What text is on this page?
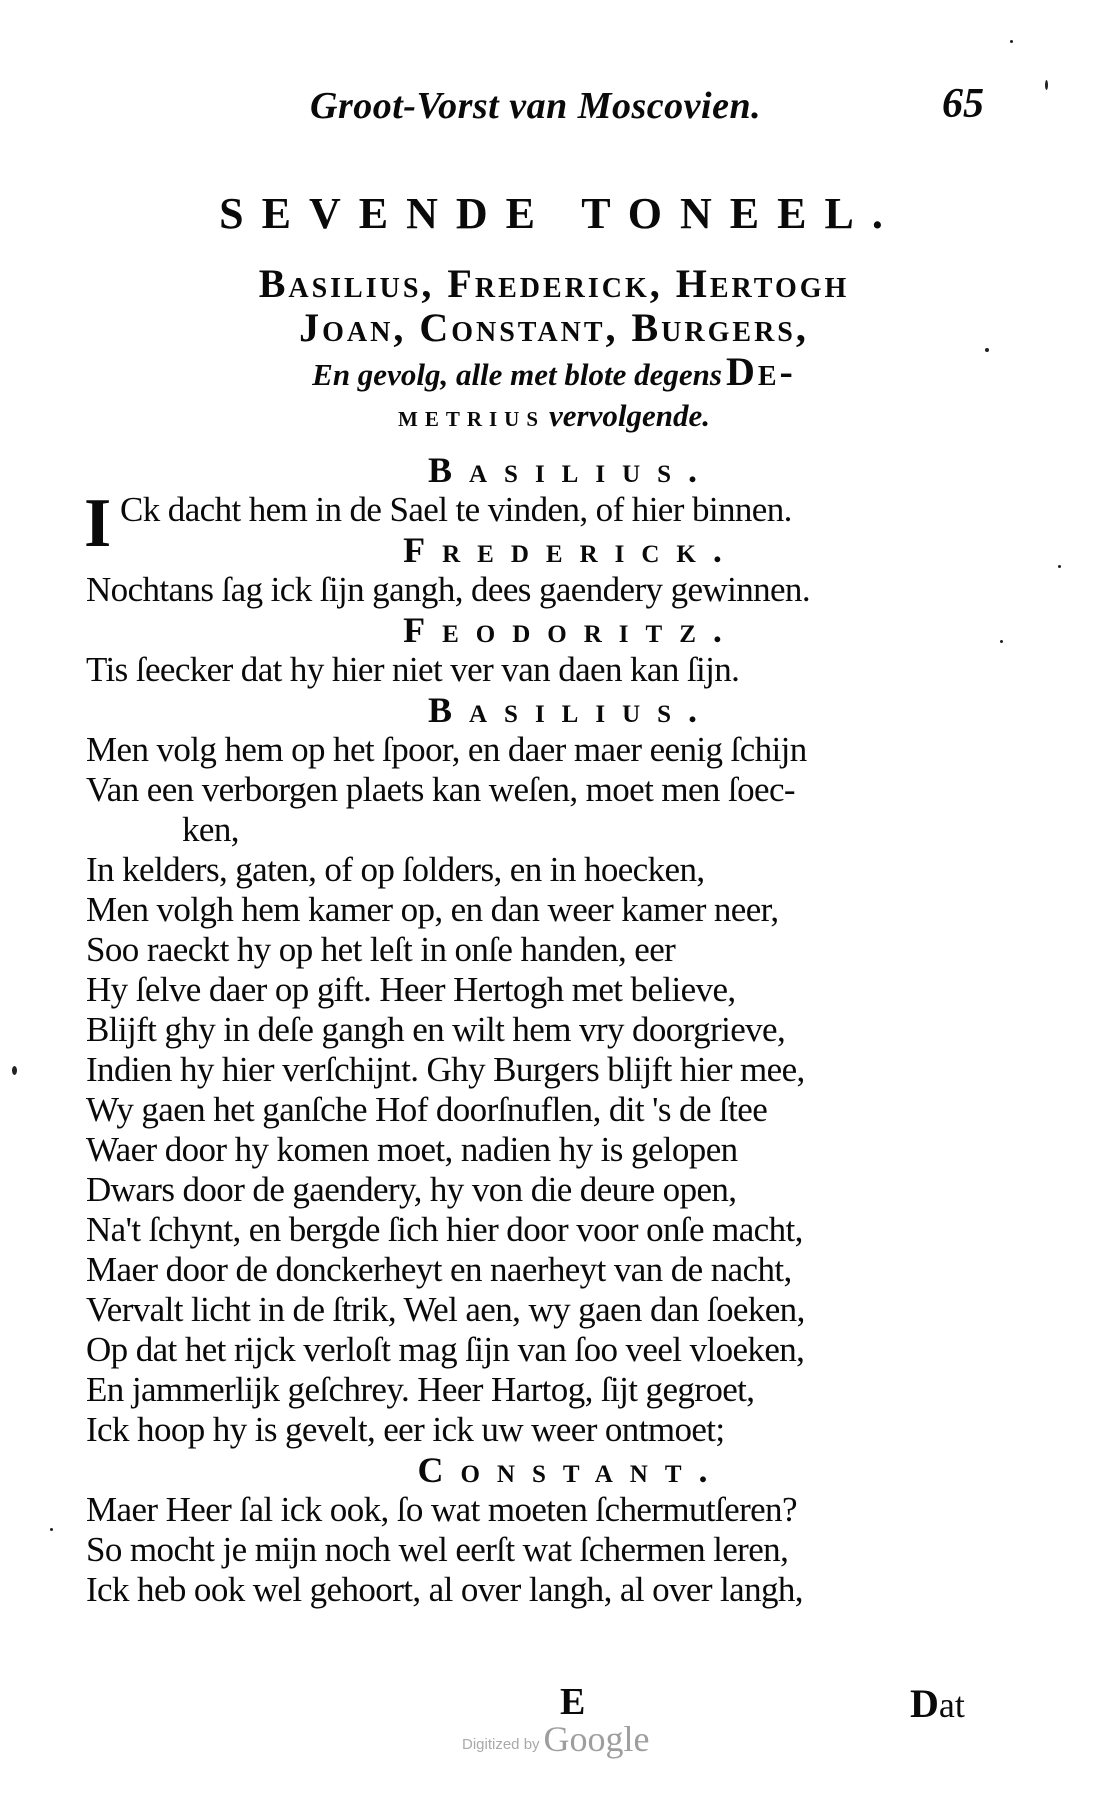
Groot-Vorst van Moscovien.	65
SEVENDE TONEEL.
Basilius, Frederick, Hertogh
Joan, Constant, Burgers,
En gevolg, alle met blote degens De-
metrius vervolgende.
Basilius.
I Ck dacht hem in de Sael te vinden, of hier binnen.
Frederick.
Nochtans ſag ick ſijn gangh, dees gaendery gewinnen.
Feodoritz.
Tis ſeecker dat hy hier niet ver van daen kan ſijn.
Basilius.
Men volg hem op het ſpoor, en daer maer eenig ſchijn
Van een verborgen plaets kan weſen, moet men ſoec-
ken,
In kelders, gaten, of op ſolders, en in hoecken,
Men volgh hem kamer op, en dan weer kamer neer,
Soo raeckt hy op het leſt in onſe handen, eer
Hy ſelve daer op gift. Heer Hertogh met believe,
Blijft ghy in deſe gangh en wilt hem vry doorgrieve,
Indien hy hier verſchijnt. Ghy Burgers blijft hier mee,
Wy gaen het ganſche Hof doorſnuflen, dit 's de ſtee
Waer door hy komen moet, nadien hy is gelopen
Dwars door de gaendery, hy von die deure open,
Na't ſchynt, en bergde ſich hier door voor onſe macht,
Maer door de donckerheyt en naerheyt van de nacht,
Vervalt licht in de ſtrik, Wel aen, wy gaen dan ſoeken,
Op dat het rijck verloſt mag ſijn van ſoo veel vloeken,
En jammerlijk geſchrey. Heer Hartog, ſijt gegroet,
Ick hoop hy is gevelt, eer ick uw weer ontmoet;
Constant.
Maer Heer ſal ick ook, ſo wat moeten ſchermutſeren?
So mocht je mijn noch wel eerſt wat ſchermen leren,
Ick heb ook wel gehoort, al over langh, al over langh,
E	Dat
Digitized by Google
